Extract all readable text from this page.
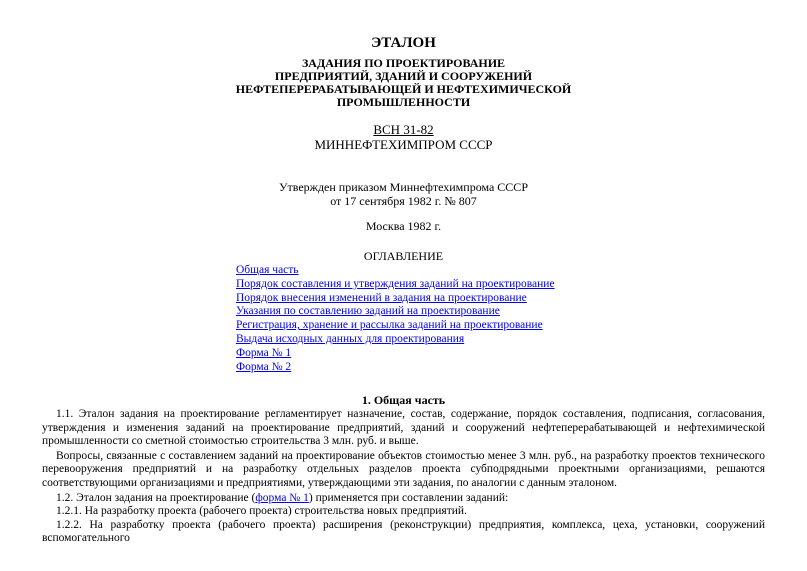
ЭТАЛОН
ЗАДАНИЯ ПО ПРОЕКТИРОВАНИЕ
ПРЕДПРИЯТИЙ, ЗДАНИЙ И СООРУЖЕНИЙ
НЕФТЕПЕРЕРАБАТЫВАЮЩЕЙ И НЕФТЕХИМИЧЕСКОЙ
ПРОМЫШЛЕННОСТИ
ВСН 31-82
МИННЕФТЕХИМПРОМ СССР
Утвержден приказом Миннефтехимпрома СССР
от 17 сентября 1982 г. № 807
Москва 1982 г.
ОГЛАВЛЕНИЕ
Общая часть
Порядок составления и утверждения заданий на проектирование
Порядок внесения изменений в задания на проектирование
Указания по составлению заданий на проектирование
Регистрация, хранение и рассылка заданий на проектирование
Выдача исходных данных для проектирования
Форма № 1
Форма № 2
1. Общая часть

1.1. Эталон задания на проектирование регламентирует назначение, состав, содержание, порядок составления, подписания, согласования, утверждения и изменения заданий на проектирование предприятий, зданий и сооружений нефтеперерабатывающей и нефтехимической промышленности со сметной стоимостью строительства 3 млн. руб. и выше.

Вопросы, связанные с составлением заданий на проектирование объектов стоимостью менее 3 млн. руб., на разработку проектов технического перевооружения предприятий и на разработку отдельных разделов проекта субподрядными проектными организациями, решаются соответствующими организациями и предприятиями, утверждающими эти задания, по аналогии с данным эталоном.

1.2. Эталон задания на проектирование (форма № 1) применяется при составлении заданий:

1.2.1. На разработку проекта (рабочего проекта) строительства новых предприятий.

1.2.2. На разработку проекта (рабочего проекта) расширения (реконструкции) предприятия, комплекса, цеха, установки, сооружений вспомогательного
